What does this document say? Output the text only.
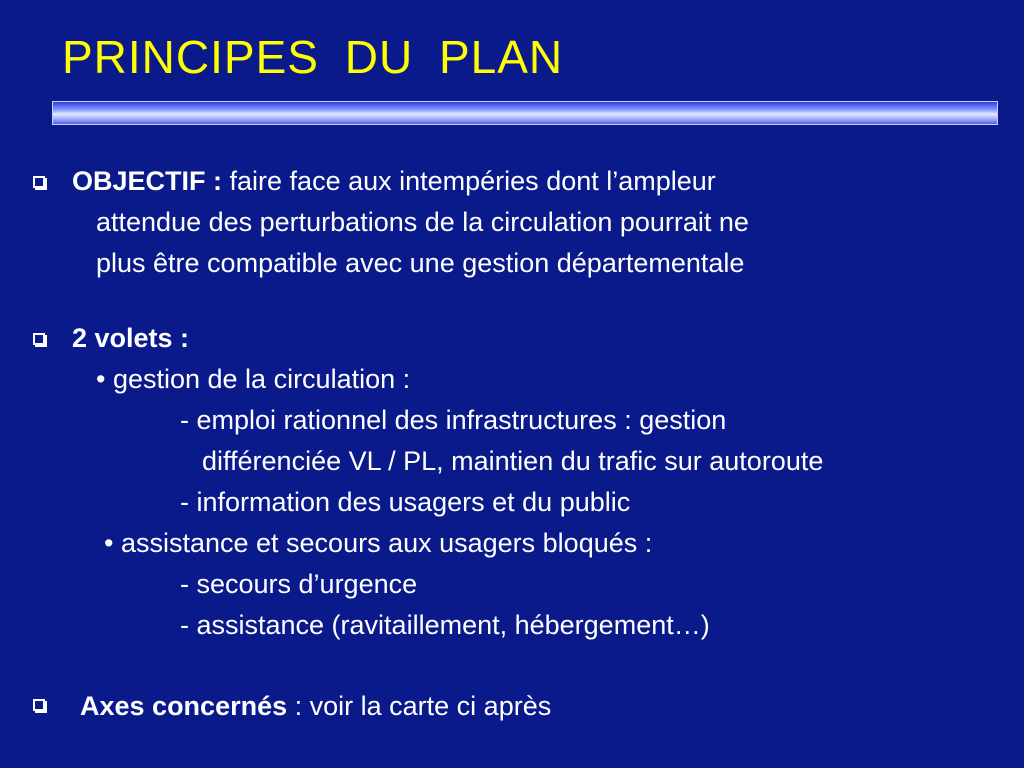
PRINCIPES DU PLAN
OBJECTIF : faire face aux intempéries dont l’ampleur
attendue des perturbations de la circulation pourrait ne
plus être compatible avec une gestion départementale
2 volets :
• gestion de la circulation :
- emploi rationnel des infrastructures : gestion
différenciée VL / PL, maintien du trafic sur autoroute
- information des usagers et du public
• assistance et secours aux usagers bloqués :
- secours d’urgence
- assistance (ravitaillement, hébergement…)
Axes concernés : voir la carte ci après
